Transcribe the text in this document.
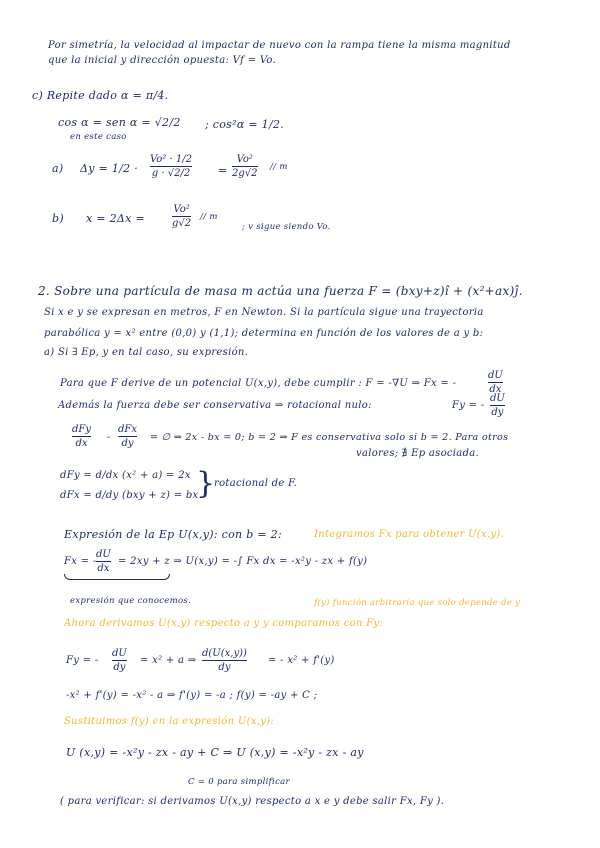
Por simetría, la velocidad al impactar de nuevo con la rampa tiene la misma magnitud

que la inicial y dirección opuesta: Vf = Vo.

c) Repite dado α = π/4.

cos α = sen α = √2/2 ; cos²α = 1/2.

en este caso

a) Δy = 1/2 ·

Vo² · 1/2
g · √2/2	=

Vo²
2g√2

// m

b) x = 2Δx =

Vo²
g√2

// m

; v sigue siendo Vo.

2. Sobre una partícula de masa m actúa una fuerza F = (bxy+z)î + (x²+ax)ĵ.

Si x e y se expresan en metros, F en Newton. Si la partícula sigue una trayectoria

parabólica y = x² entre (0,0) y (1,1); determina en función de los valores de a y b:

a) Si ∃ Ep, y en tal caso, su expresión.

Para que F derive de un potencial U(x,y), debe cumplir : F = -∇U ⇒ Fx = -

dU
dx

Además la fuerza debe ser conservativa ⇒ rotacional nulo:	Fy = -

dU
dy
dFy
dx

-

dFx
dy

= ∅ ⇒ 2x - bx = 0; b = 2 ⇒ F es conservativa solo si b = 2. Para otros

valores; ∄ Ep asociada.

dFy = d/dx (x² + a) = 2x

dFx = d/dy (bxy + z) = bx

}

rotacional de F.

Expresión de la Ep U(x,y): con b = 2:	Integramos Fx para obtener U(x,y).

Fx = -

dU
dx

= 2xy + z ⇒ U(x,y) = -∫ Fx dx = -x²y - zx + f(y)

expresión que conocemos.	f(y) función arbitraria que solo depende de y

Ahora derivamos U(x,y) respecto a y y comparamos con Fy:

Fy = -

dU
dy

= x² + a ⇒

d(U(x,y))
dy

= - x² + f'(y)

-x² + f'(y) = -x² - a ⇒ f'(y) = -a ; f(y) = -ay + C ;

Sustituimos f(y) en la expresión U(x,y):

U (x,y) = -x²y - zx - ay + C ⇒ U (x,y) = -x²y - zx - ay

C = 0 para simplificar

( para verificar: si derivamos U(x,y) respecto a x e y debe salir Fx, Fy ).
